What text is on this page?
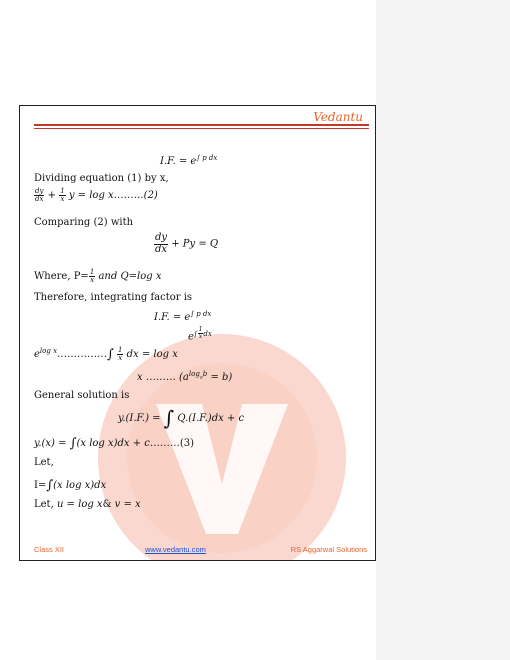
Vedantu
I.F. = $e^{\int p dx}$
Dividing equation (1) by x,
$\frac{dy}{dx} + \frac{1}{x}$ y = log x………(2)
Comparing (2) with
$\frac{dy}{dx} + Py = Q$
Where, $P= \frac{1}{x}$ and Q=log x
Therefore, integrating factor is
I.F. = $e^{\int p dx}$
$e^{\int \frac{1}{x} dx}$
$e^{log x}\dots\dots\dots\dots\dots\int \frac{1}{x}$ dx = log x
x ……… $(a^{log_ab} = b)$
General solution is
y.(I.F.) = ∫ Q.(I.F.)dx + c
y.(x) = ∫(x log x)dx + c………(3)
Let,
I=∫(x log x)dx
Let, u = log x& v = x
Class XII	www.vedantu.com	RS Aggarwal Solutions
